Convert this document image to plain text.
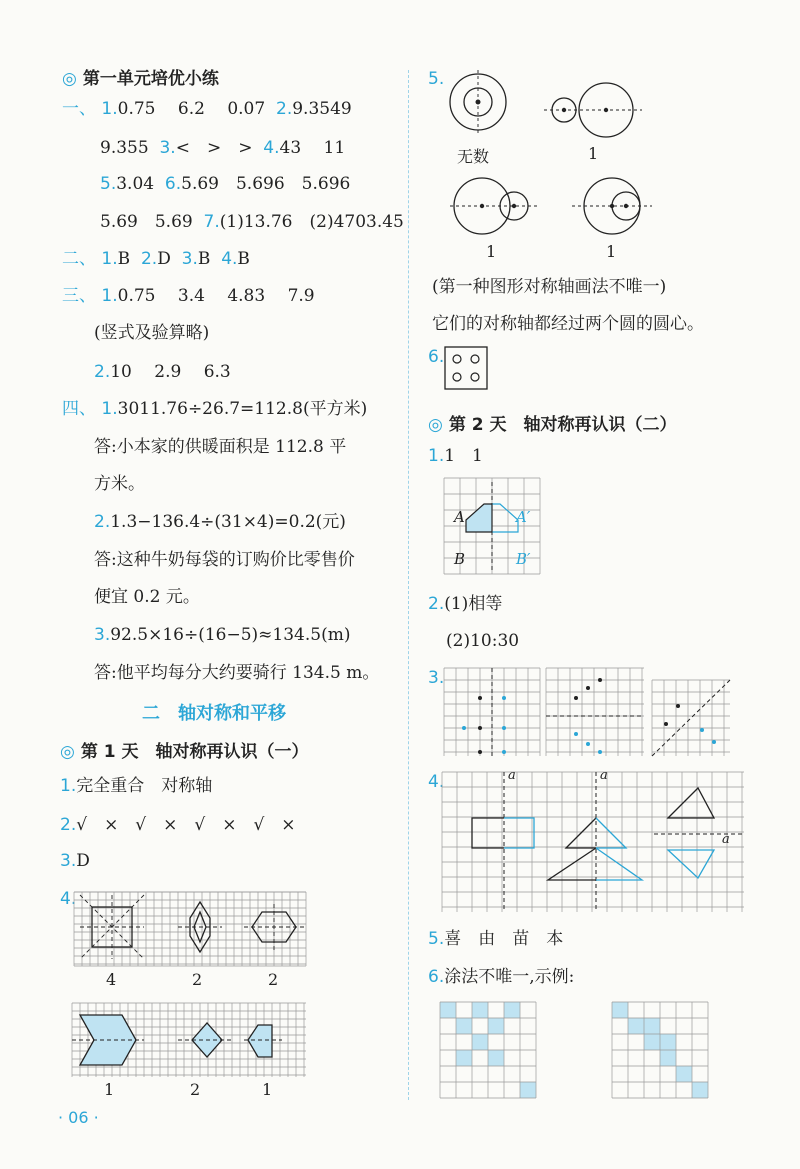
◎ 第一单元培优小练
一、 1.0.75　 6.2　 0.07 2.9.3549
9.355 3.<　>　> 4.43　 11
5.3.04 6.5.69　5.696　5.696
5.69　5.69 7.(1)13.76　(2)4703.45
二、 1.B 2.D 3.B 4.B
三、 1.0.75　 3.4　 4.83　 7.9
(竖式及验算略)
2.10　 2.9　 6.3
四、 1.3011.76÷26.7=112.8(平方米)
答:小本家的供暖面积是 112.8 平
方米。
2.1.3−136.4÷(31×4)=0.2(元)
答:这种牛奶每袋的订购价比零售价
便宜 0.2 元。
3.92.5×16÷(16−5)≈134.5(m)
答:他平均每分大约要骑行 134.5 m。
二　轴对称和平移
◎ 第 1 天　轴对称再认识（一）
1.完全重合　对称轴
2.√　×　√　×　√　×　√　×
3.D
4.
4	2	2
1	2	1
· 06 ·
5.
无数	1
1	1
(第一种图形对称轴画法不唯一)
它们的对称轴都经过两个圆的圆心。
6.
◎ 第 2 天　轴对称再认识（二）
1.1　1
A	A′
B	B′
2.(1)相等
(2)10:30
3.
4.	a	a
a
5.喜　由　苗　本
6.涂法不唯一,示例:
